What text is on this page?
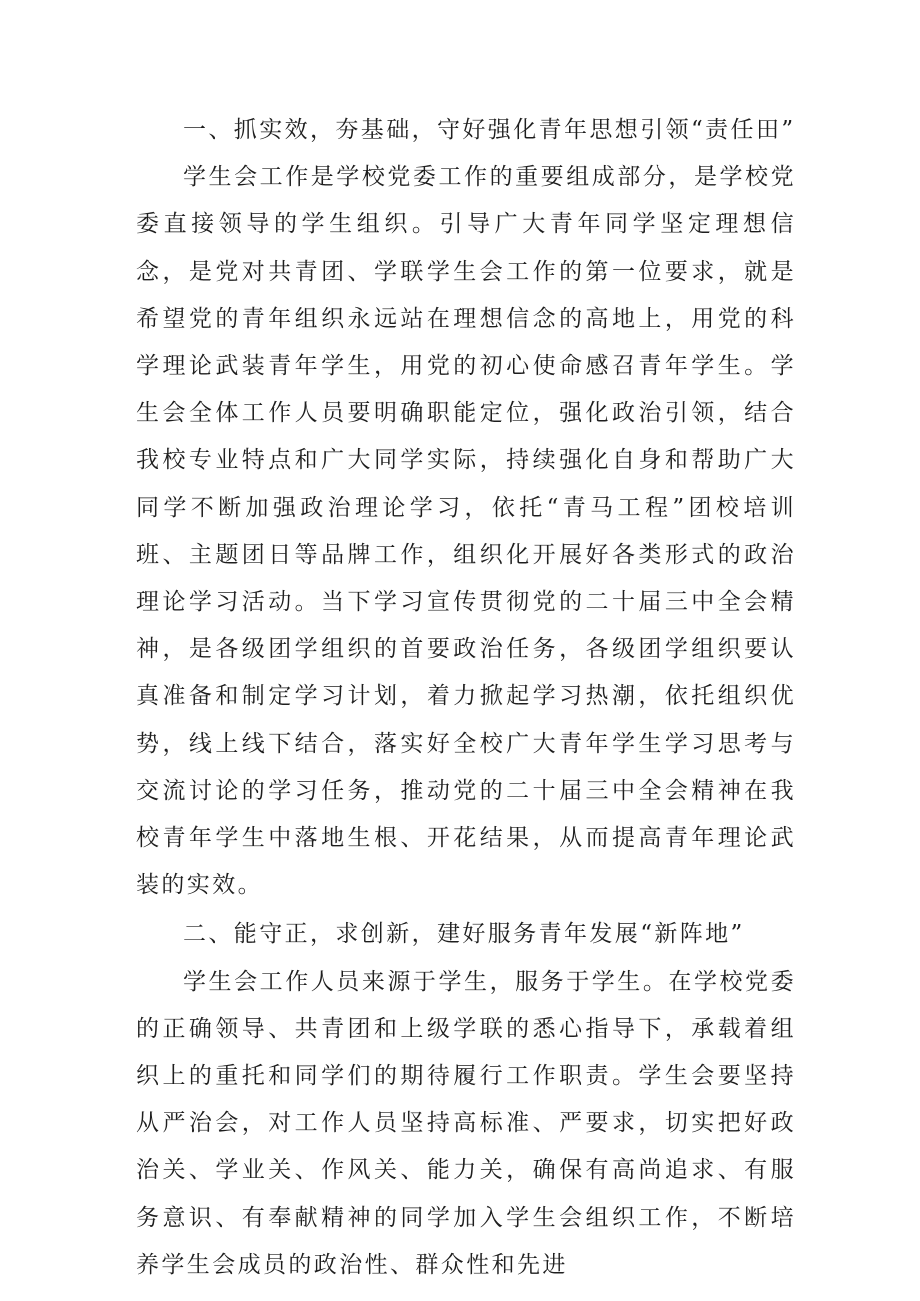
一、抓实效，夯基础，守好强化青年思想引领“责任田”

学生会工作是学校党委工作的重要组成部分，是学校党委直接领导的学生组织。引导广大青年同学坚定理想信念，是党对共青团、学联学生会工作的第一位要求，就是希望党的青年组织永远站在理想信念的高地上，用党的科学理论武装青年学生，用党的初心使命感召青年学生。学生会全体工作人员要明确职能定位，强化政治引领，结合我校专业特点和广大同学实际，持续强化自身和帮助广大同学不断加强政治理论学习，依托“青马工程”团校培训班、主题团日等品牌工作，组织化开展好各类形式的政治理论学习活动。当下学习宣传贯彻党的二十届三中全会精神，是各级团学组织的首要政治任务，各级团学组织要认真准备和制定学习计划，着力掀起学习热潮，依托组织优势，线上线下结合，落实好全校广大青年学生学习思考与交流讨论的学习任务，推动党的二十届三中全会精神在我校青年学生中落地生根、开花结果，从而提高青年理论武装的实效。

二、能守正，求创新，建好服务青年发展“新阵地”

学生会工作人员来源于学生，服务于学生。在学校党委的正确领导、共青团和上级学联的悉心指导下，承载着组织上的重托和同学们的期待履行工作职责。学生会要坚持从严治会，对工作人员坚持高标准、严要求，切实把好政治关、学业关、作风关、能力关，确保有高尚追求、有服务意识、有奉献精神的同学加入学生会组织工作，不断培养学生会成员的政治性、群众性和先进
